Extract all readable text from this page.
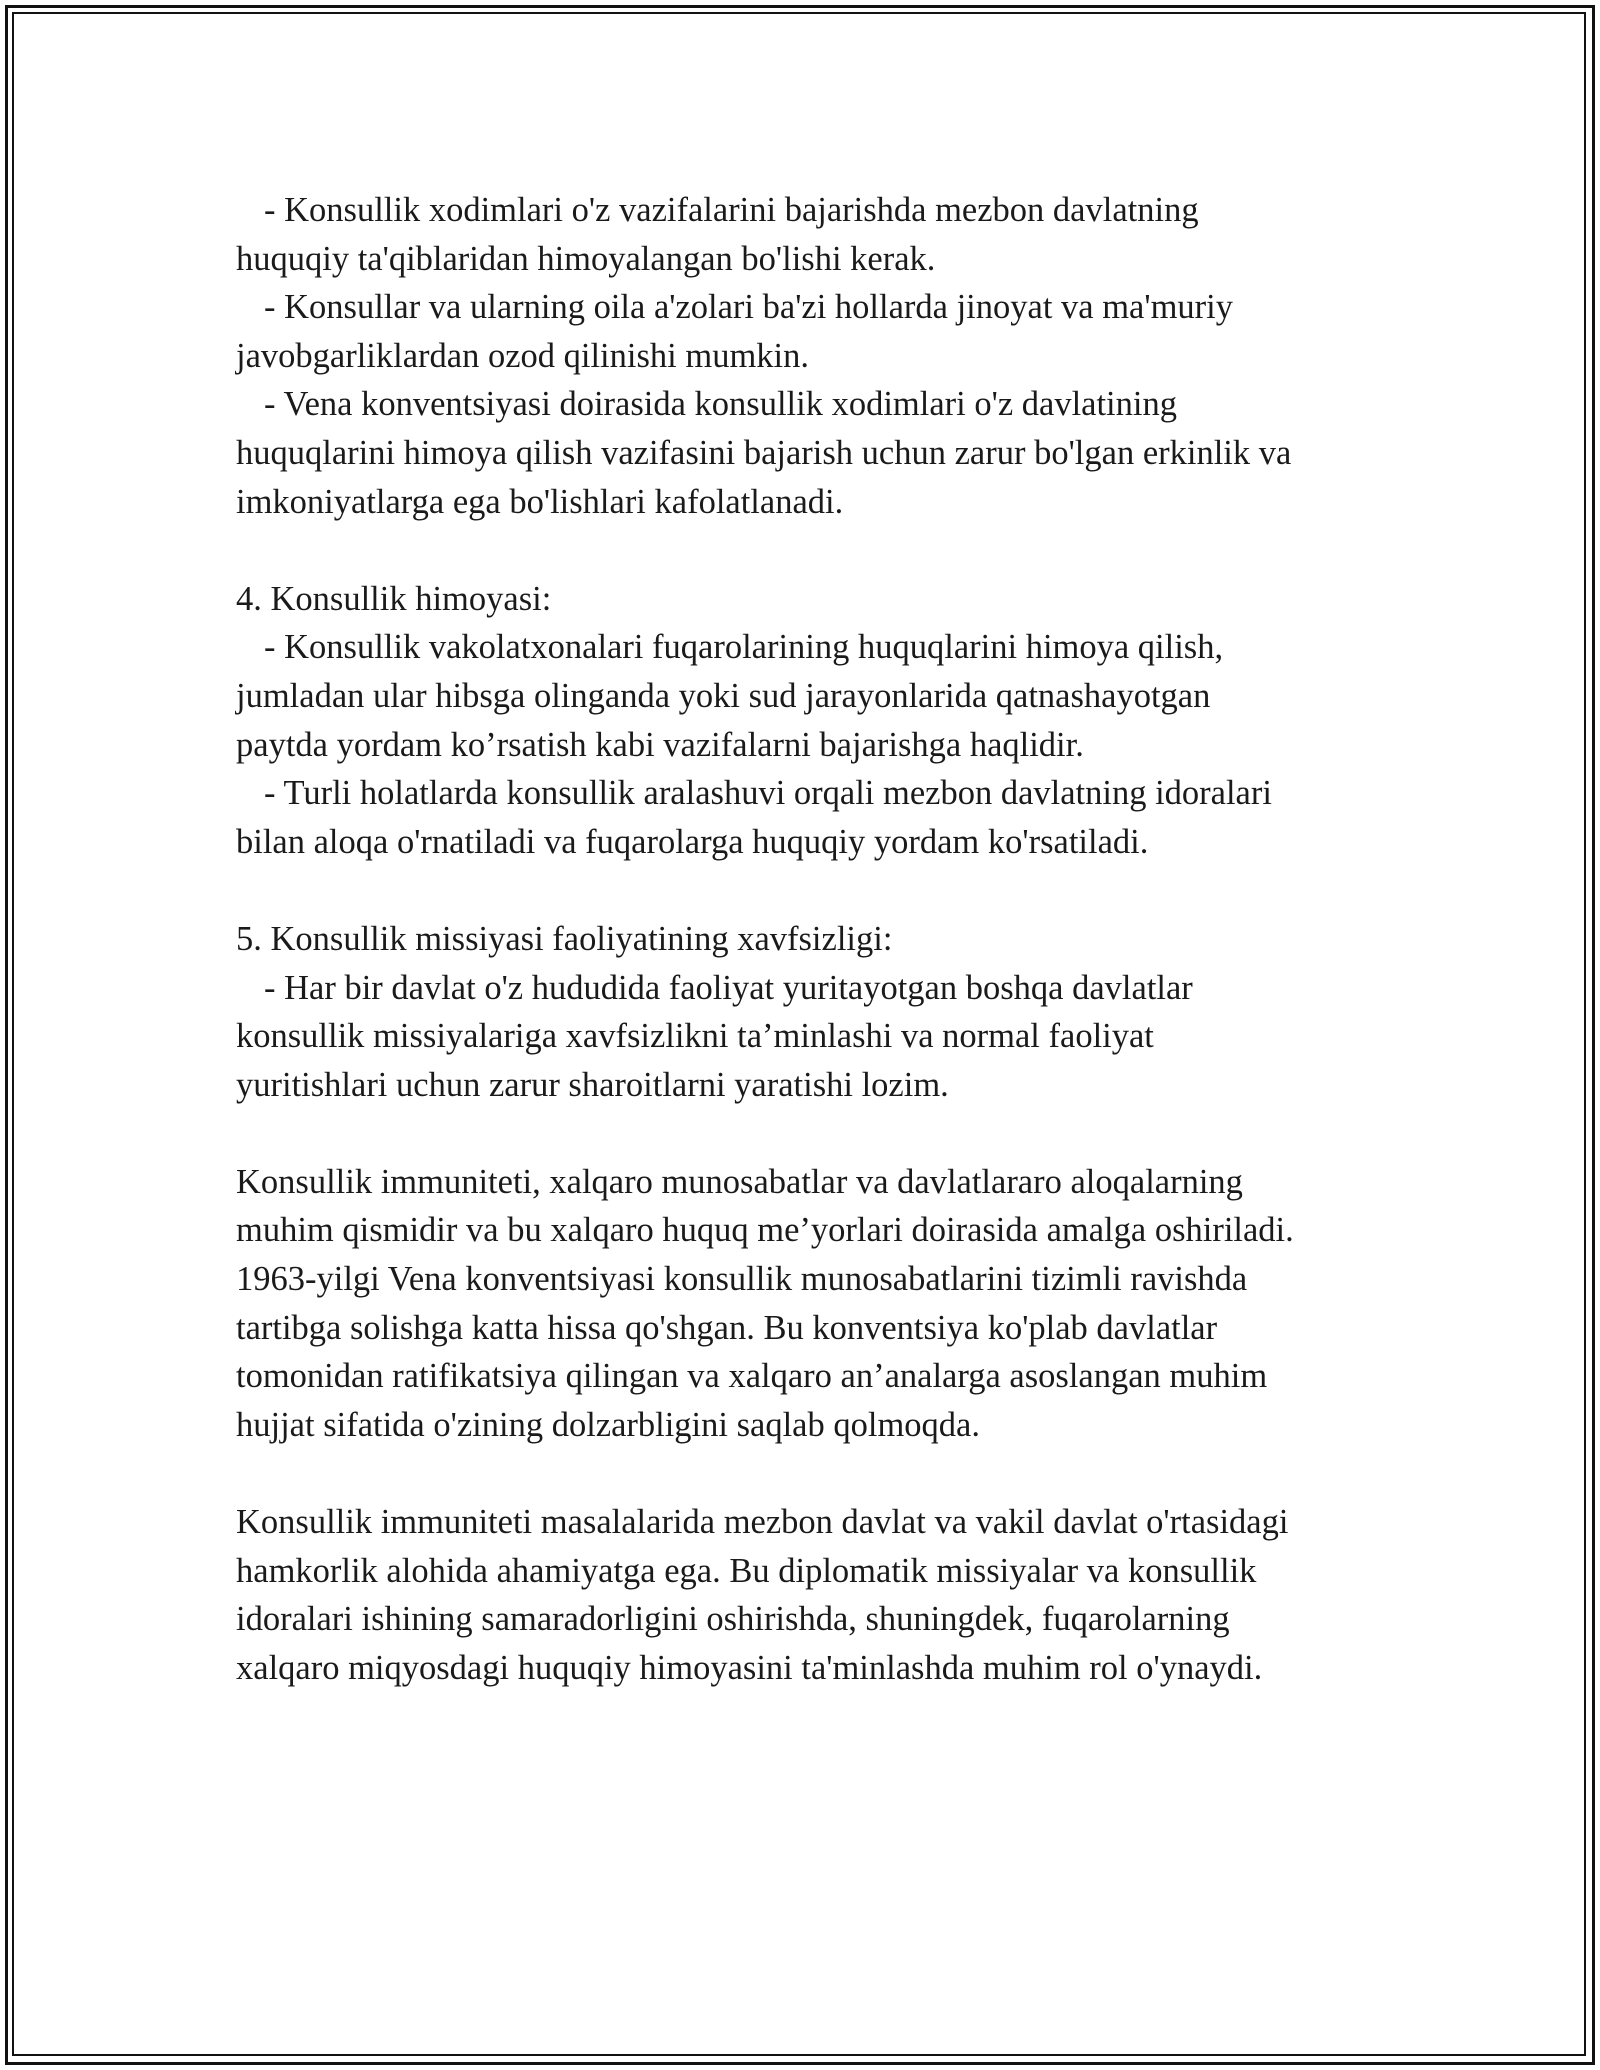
- Konsullik xodimlari o'z vazifalarini bajarishda mezbon davlatning
huquqiy ta'qiblaridan himoyalangan bo'lishi kerak.
- Konsullar va ularning oila a'zolari ba'zi hollarda jinoyat va ma'muriy
javobgarliklardan ozod qilinishi mumkin.
- Vena konventsiyasi doirasida konsullik xodimlari o'z davlatining
huquqlarini himoya qilish vazifasini bajarish uchun zarur bo'lgan erkinlik va
imkoniyatlarga ega bo'lishlari kafolatlanadi.
4. Konsullik himoyasi:
- Konsullik vakolatxonalari fuqarolarining huquqlarini himoya qilish,
jumladan ular hibsga olinganda yoki sud jarayonlarida qatnashayotgan
paytda yordam ko’rsatish kabi vazifalarni bajarishga haqlidir.
- Turli holatlarda konsullik aralashuvi orqali mezbon davlatning idoralari
bilan aloqa o'rnatiladi va fuqarolarga huquqiy yordam ko'rsatiladi.
5. Konsullik missiyasi faoliyatining xavfsizligi:
- Har bir davlat o'z hududida faoliyat yuritayotgan boshqa davlatlar
konsullik missiyalariga xavfsizlikni ta’minlashi va normal faoliyat
yuritishlari uchun zarur sharoitlarni yaratishi lozim.
Konsullik immuniteti, xalqaro munosabatlar va davlatlararo aloqalarning
muhim qismidir va bu xalqaro huquq me’yorlari doirasida amalga oshiriladi.
1963-yilgi Vena konventsiyasi konsullik munosabatlarini tizimli ravishda
tartibga solishga katta hissa qo'shgan. Bu konventsiya ko'plab davlatlar
tomonidan ratifikatsiya qilingan va xalqaro an’analarga asoslangan muhim
hujjat sifatida o'zining dolzarbligini saqlab qolmoqda.
Konsullik immuniteti masalalarida mezbon davlat va vakil davlat o'rtasidagi
hamkorlik alohida ahamiyatga ega. Bu diplomatik missiyalar va konsullik
idoralari ishining samaradorligini oshirishda, shuningdek, fuqarolarning
xalqaro miqyosdagi huquqiy himoyasini ta'minlashda muhim rol o'ynaydi.
